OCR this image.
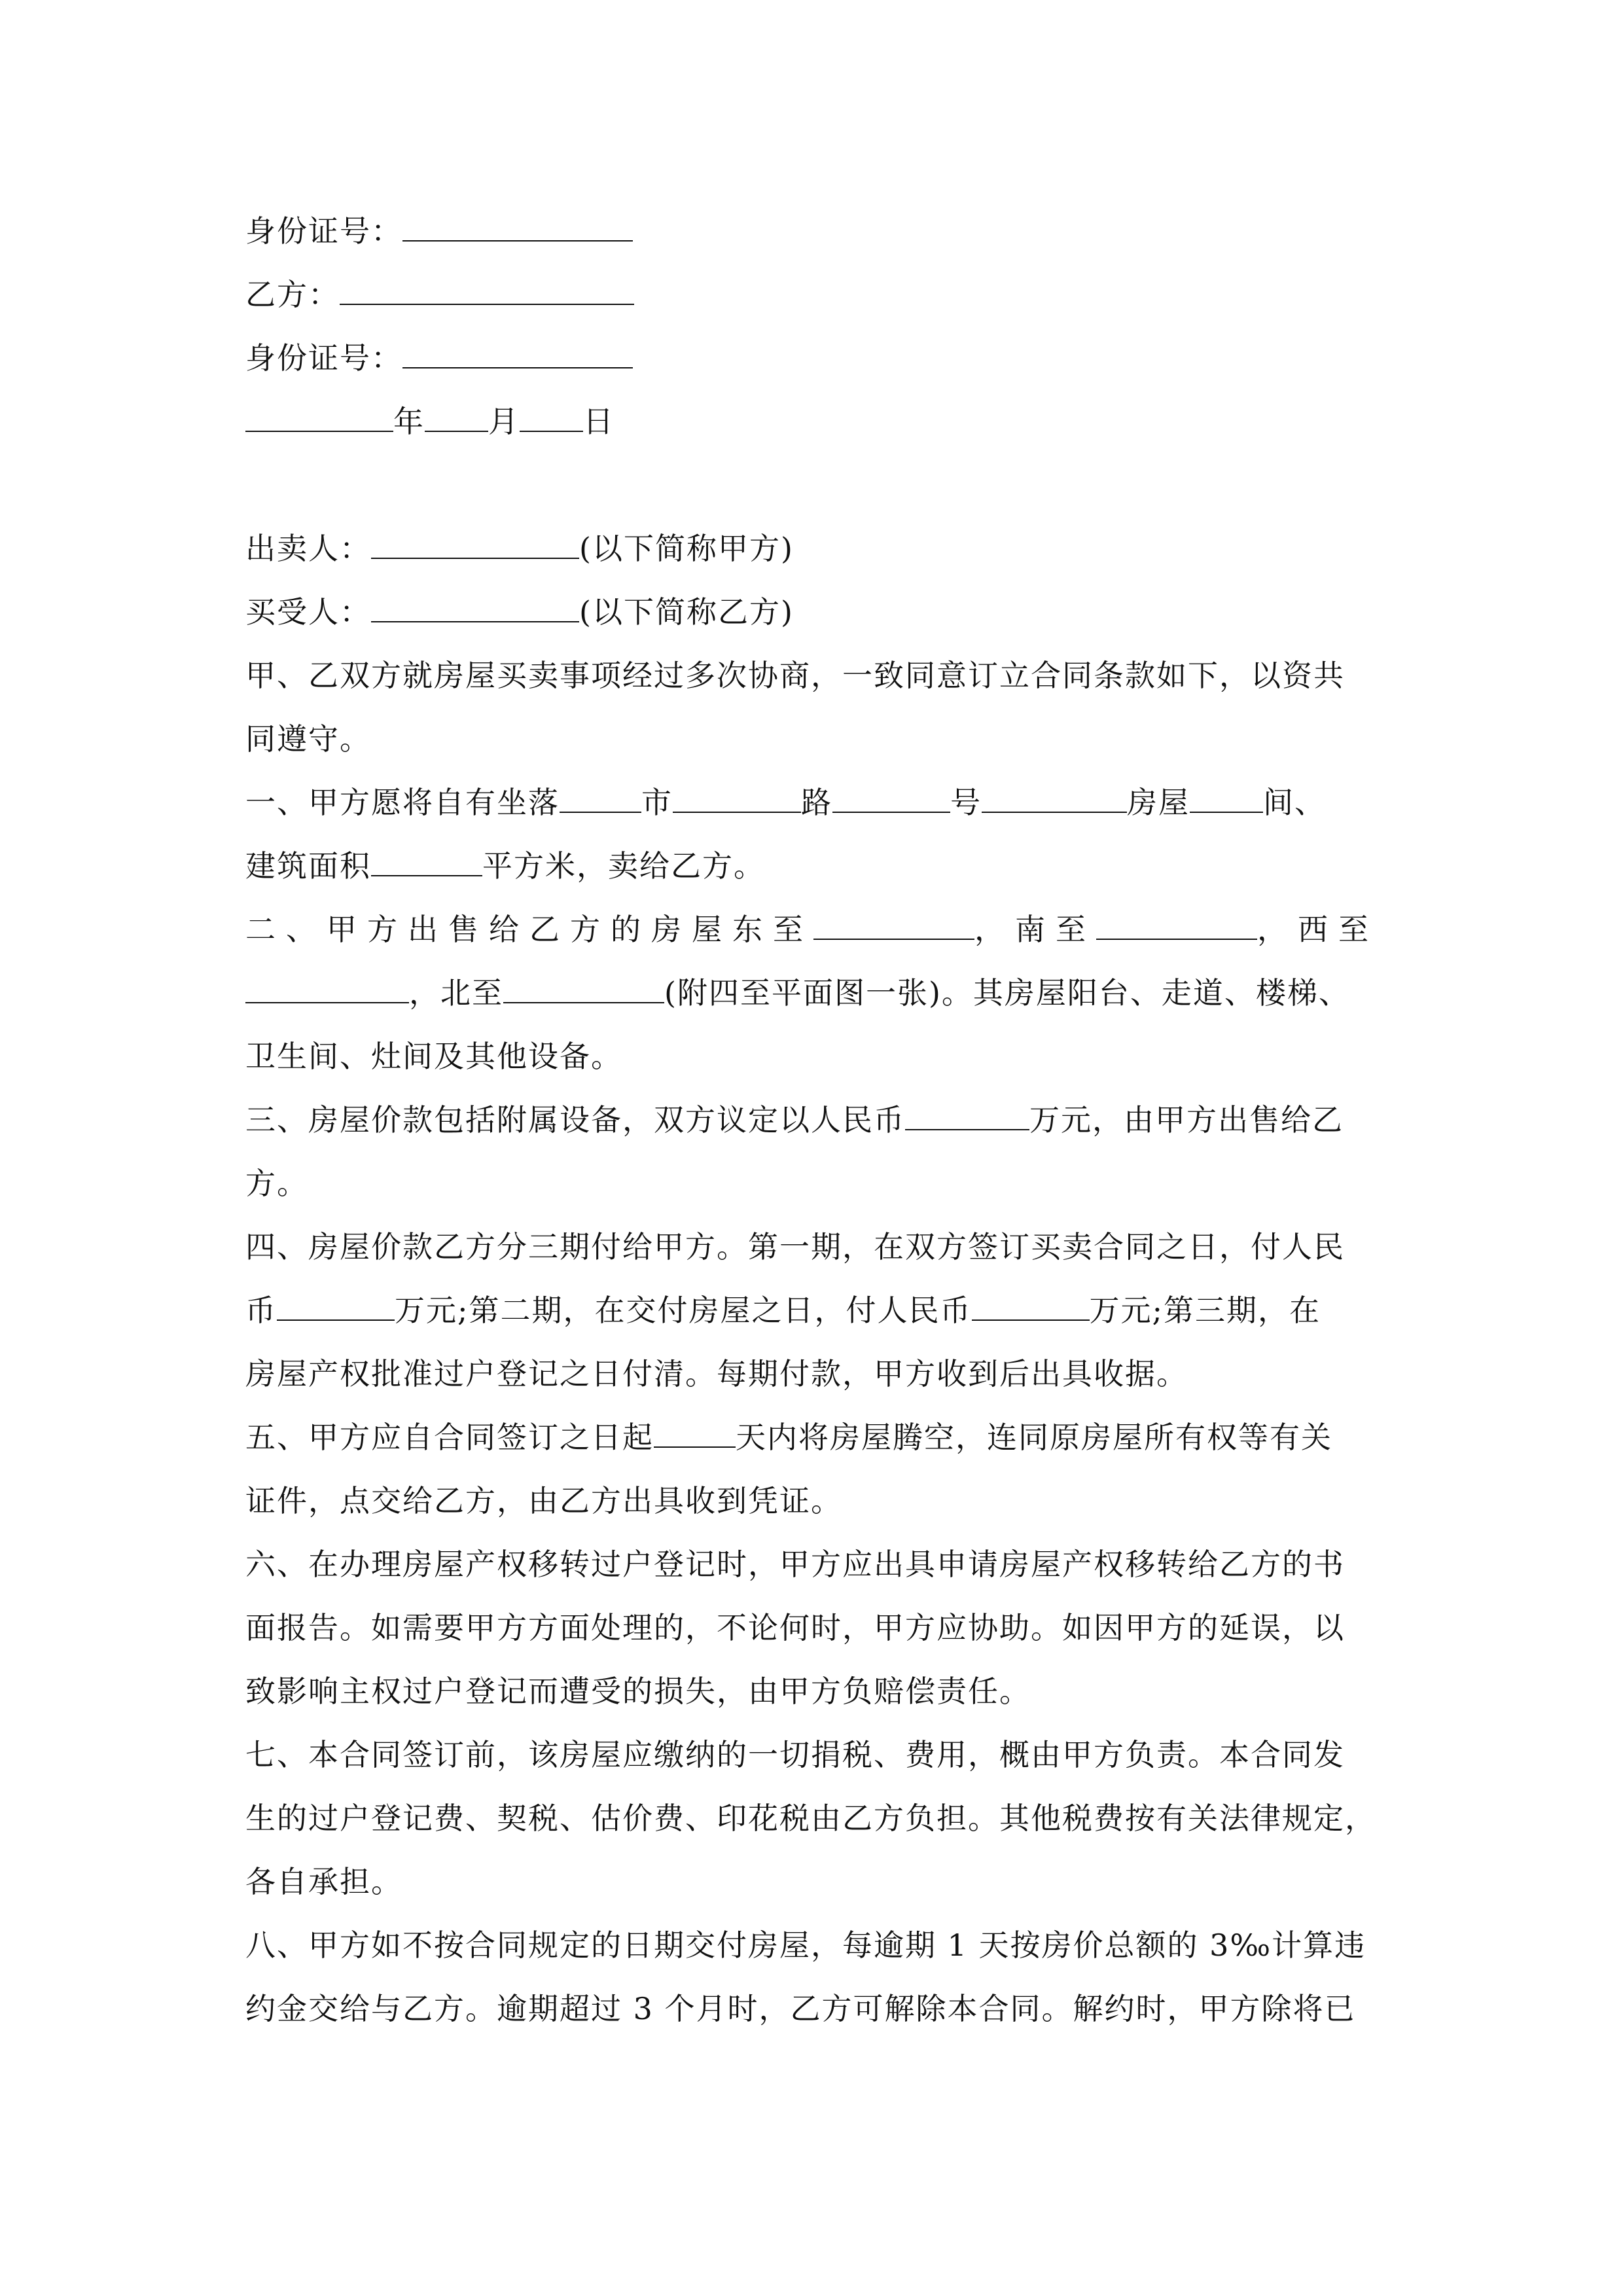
身份证号：
乙方：
身份证号：
年 月 日
出卖人：	(以下简称甲方)
买受人：	(以下简称乙方)
甲、乙双方就房屋买卖事项经过多次协商，一致同意订立合同条款如下，以资共
同遵守。
一、甲方愿将自有坐落	市	路	号	房屋 间、
建筑面积	平方米，卖给乙方。
二、甲方出售给乙方的房屋东至	，南至	，西至
，北至	(附四至平面图一张)。其房屋阳台、走道、楼梯、
卫生间、灶间及其他设备。
三、房屋价款包括附属设备，双方议定以人民币	万元，由甲方出售给乙
方。
四、房屋价款乙方分三期付给甲方。第一期，在双方签订买卖合同之日，付人民
币	万元;第二期，在交付房屋之日，付人民币	万元;第三期，在
房屋产权批准过户登记之日付清。每期付款，甲方收到后出具收据。
五、甲方应自合同签订之日起	天内将房屋腾空，连同原房屋所有权等有关
证件，点交给乙方，由乙方出具收到凭证。
六、在办理房屋产权移转过户登记时，甲方应出具申请房屋产权移转给乙方的书
面报告。如需要甲方方面处理的，不论何时，甲方应协助。如因甲方的延误，以
致影响主权过户登记而遭受的损失，由甲方负赔偿责任。
七、本合同签订前，该房屋应缴纳的一切捐税、费用，概由甲方负责。本合同发
生的过户登记费、契税、估价费、印花税由乙方负担。其他税费按有关法律规定，
各自承担。
八、甲方如不按合同规定的日期交付房屋，每逾期 1 天按房价总额的 3‰计算违
约金交给与乙方。逾期超过 3 个月时，乙方可解除本合同。解约时，甲方除将已
